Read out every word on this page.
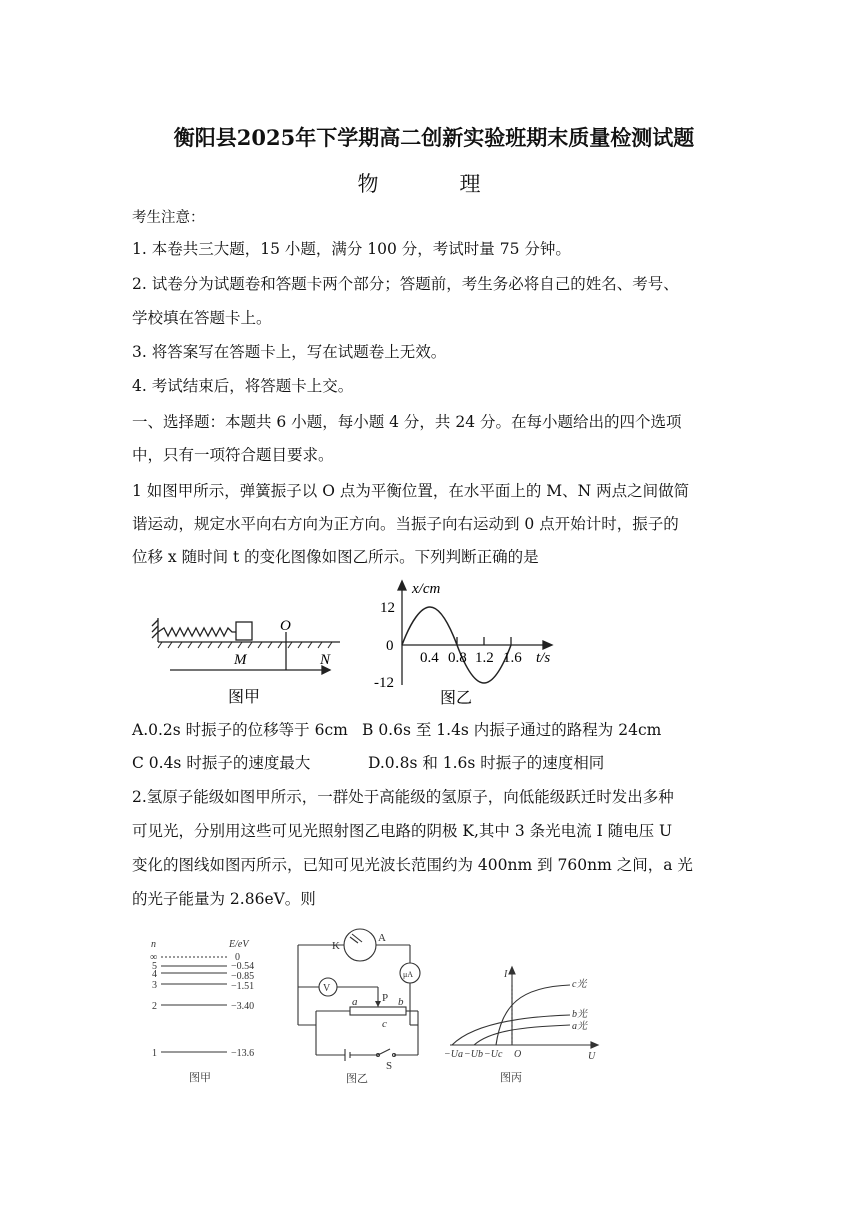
衡阳县2025年下学期高二创新实验班期末质量检测试题
物　理
考生注意：
1. 本卷共三大题，15 小题，满分 100 分，考试时量 75 分钟。
2. 试卷分为试题卷和答题卡两个部分；答题前，考生务必将自己的姓名、考号、
学校填在答题卡上。
3. 将答案写在答题卡上，写在试题卷上无效。
4. 考试结束后，将答题卡上交。
一、选择题：本题共 6 小题，每小题 4 分，共 24 分。在每小题给出的四个选项
中，只有一项符合题目要求。
1 如图甲所示，弹簧振子以 O 点为平衡位置，在水平面上的 M、N 两点之间做简
谐运动，规定水平向右方向为正方向。当振子向右运动到 0 点开始计时，振子的
位移 x 随时间 t 的变化图像如图乙所示。下列判断正确的是
O
M	N
图甲
x/cm
12
0
-12
0.4 0.8 1.2 1.6 t/s
图乙
A.0.2s 时振子的位移等于 6cm B 0.6s 至 1.4s 内振子通过的路程为 24cm
C 0.4s 时振子的速度最大	D.0.8s 和 1.6s 时振子的速度相同
2.氢原子能级如图甲所示，一群处于高能级的氢原子，向低能级跃迁时发出多种
可见光，分别用这些可见光照射图乙电路的阴极 K,其中 3 条光电流 I 随电压 U
变化的图线如图丙所示，已知可见光波长范围约为 400nm 到 760nm 之间，a 光
的光子能量为 2.86eV。则
n	E/eV
∞	0
5	−0.54
4	−0.85
3	−1.51
2	−3.40
1	−13.6
图甲
K
A
V
μA
P
a	b
c
S
图乙
I
U
O
c光
b光
a光
−Ua −Ub −Uc
图丙
